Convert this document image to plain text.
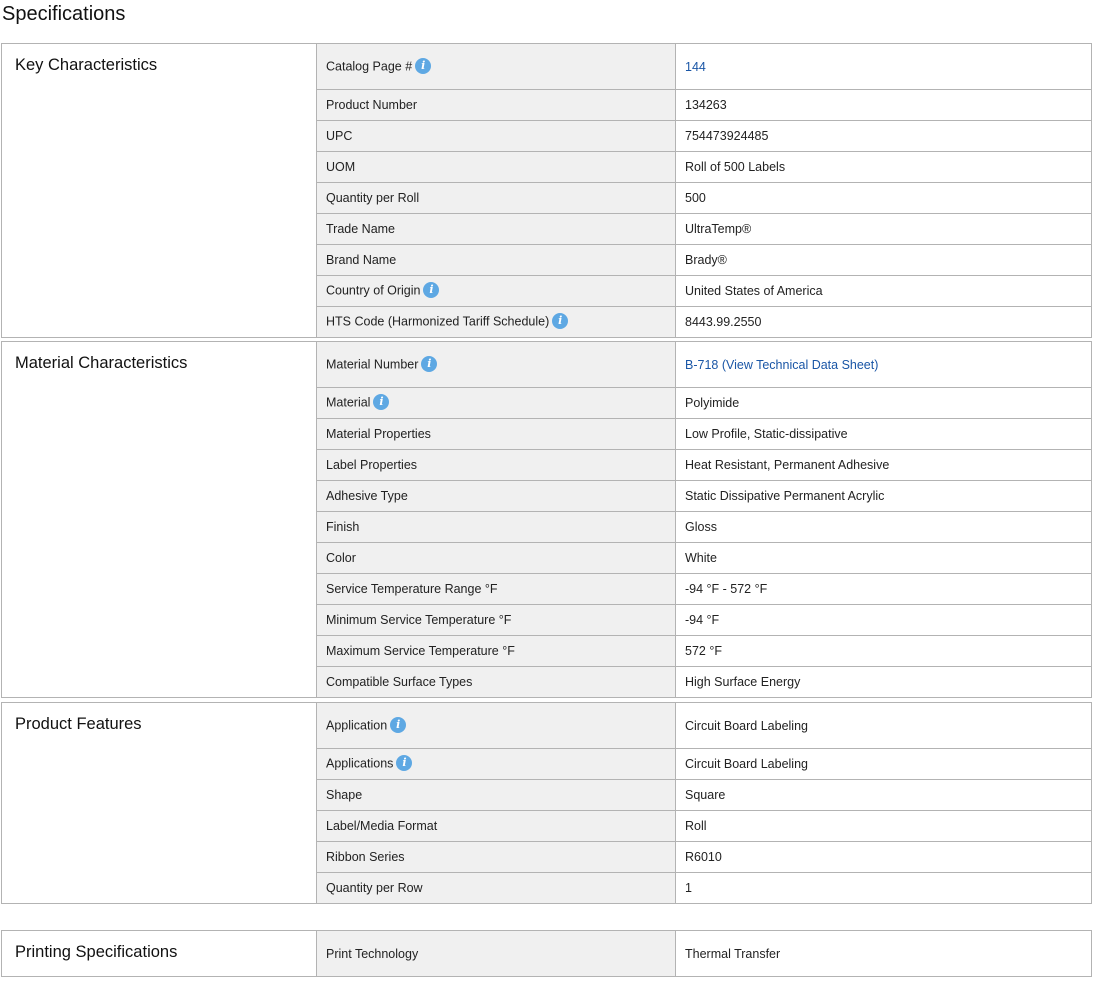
Specifications
Key Characteristics	Catalog Page # i	144
	Product Number	134263
	UPC	754473924485
	UOM	Roll of 500 Labels
	Quantity per Roll	500
	Trade Name	UltraTemp®
	Brand Name	Brady®
	Country of Origin i	United States of America
	HTS Code (Harmonized Tariff Schedule) i	8443.99.2550
Material Characteristics	Material Number i	B-718 (View Technical Data Sheet)
	Material i	Polyimide
	Material Properties	Low Profile, Static-dissipative
	Label Properties	Heat Resistant, Permanent Adhesive
	Adhesive Type	Static Dissipative Permanent Acrylic
	Finish	Gloss
	Color	White
	Service Temperature Range °F	-94 °F - 572 °F
	Minimum Service Temperature °F	-94 °F
	Maximum Service Temperature °F	572 °F
	Compatible Surface Types	High Surface Energy
Product Features	Application i	Circuit Board Labeling
	Applications i	Circuit Board Labeling
	Shape	Square
	Label/Media Format	Roll
	Ribbon Series	R6010
	Quantity per Row	1
Printing Specifications	Print Technology	Thermal Transfer
